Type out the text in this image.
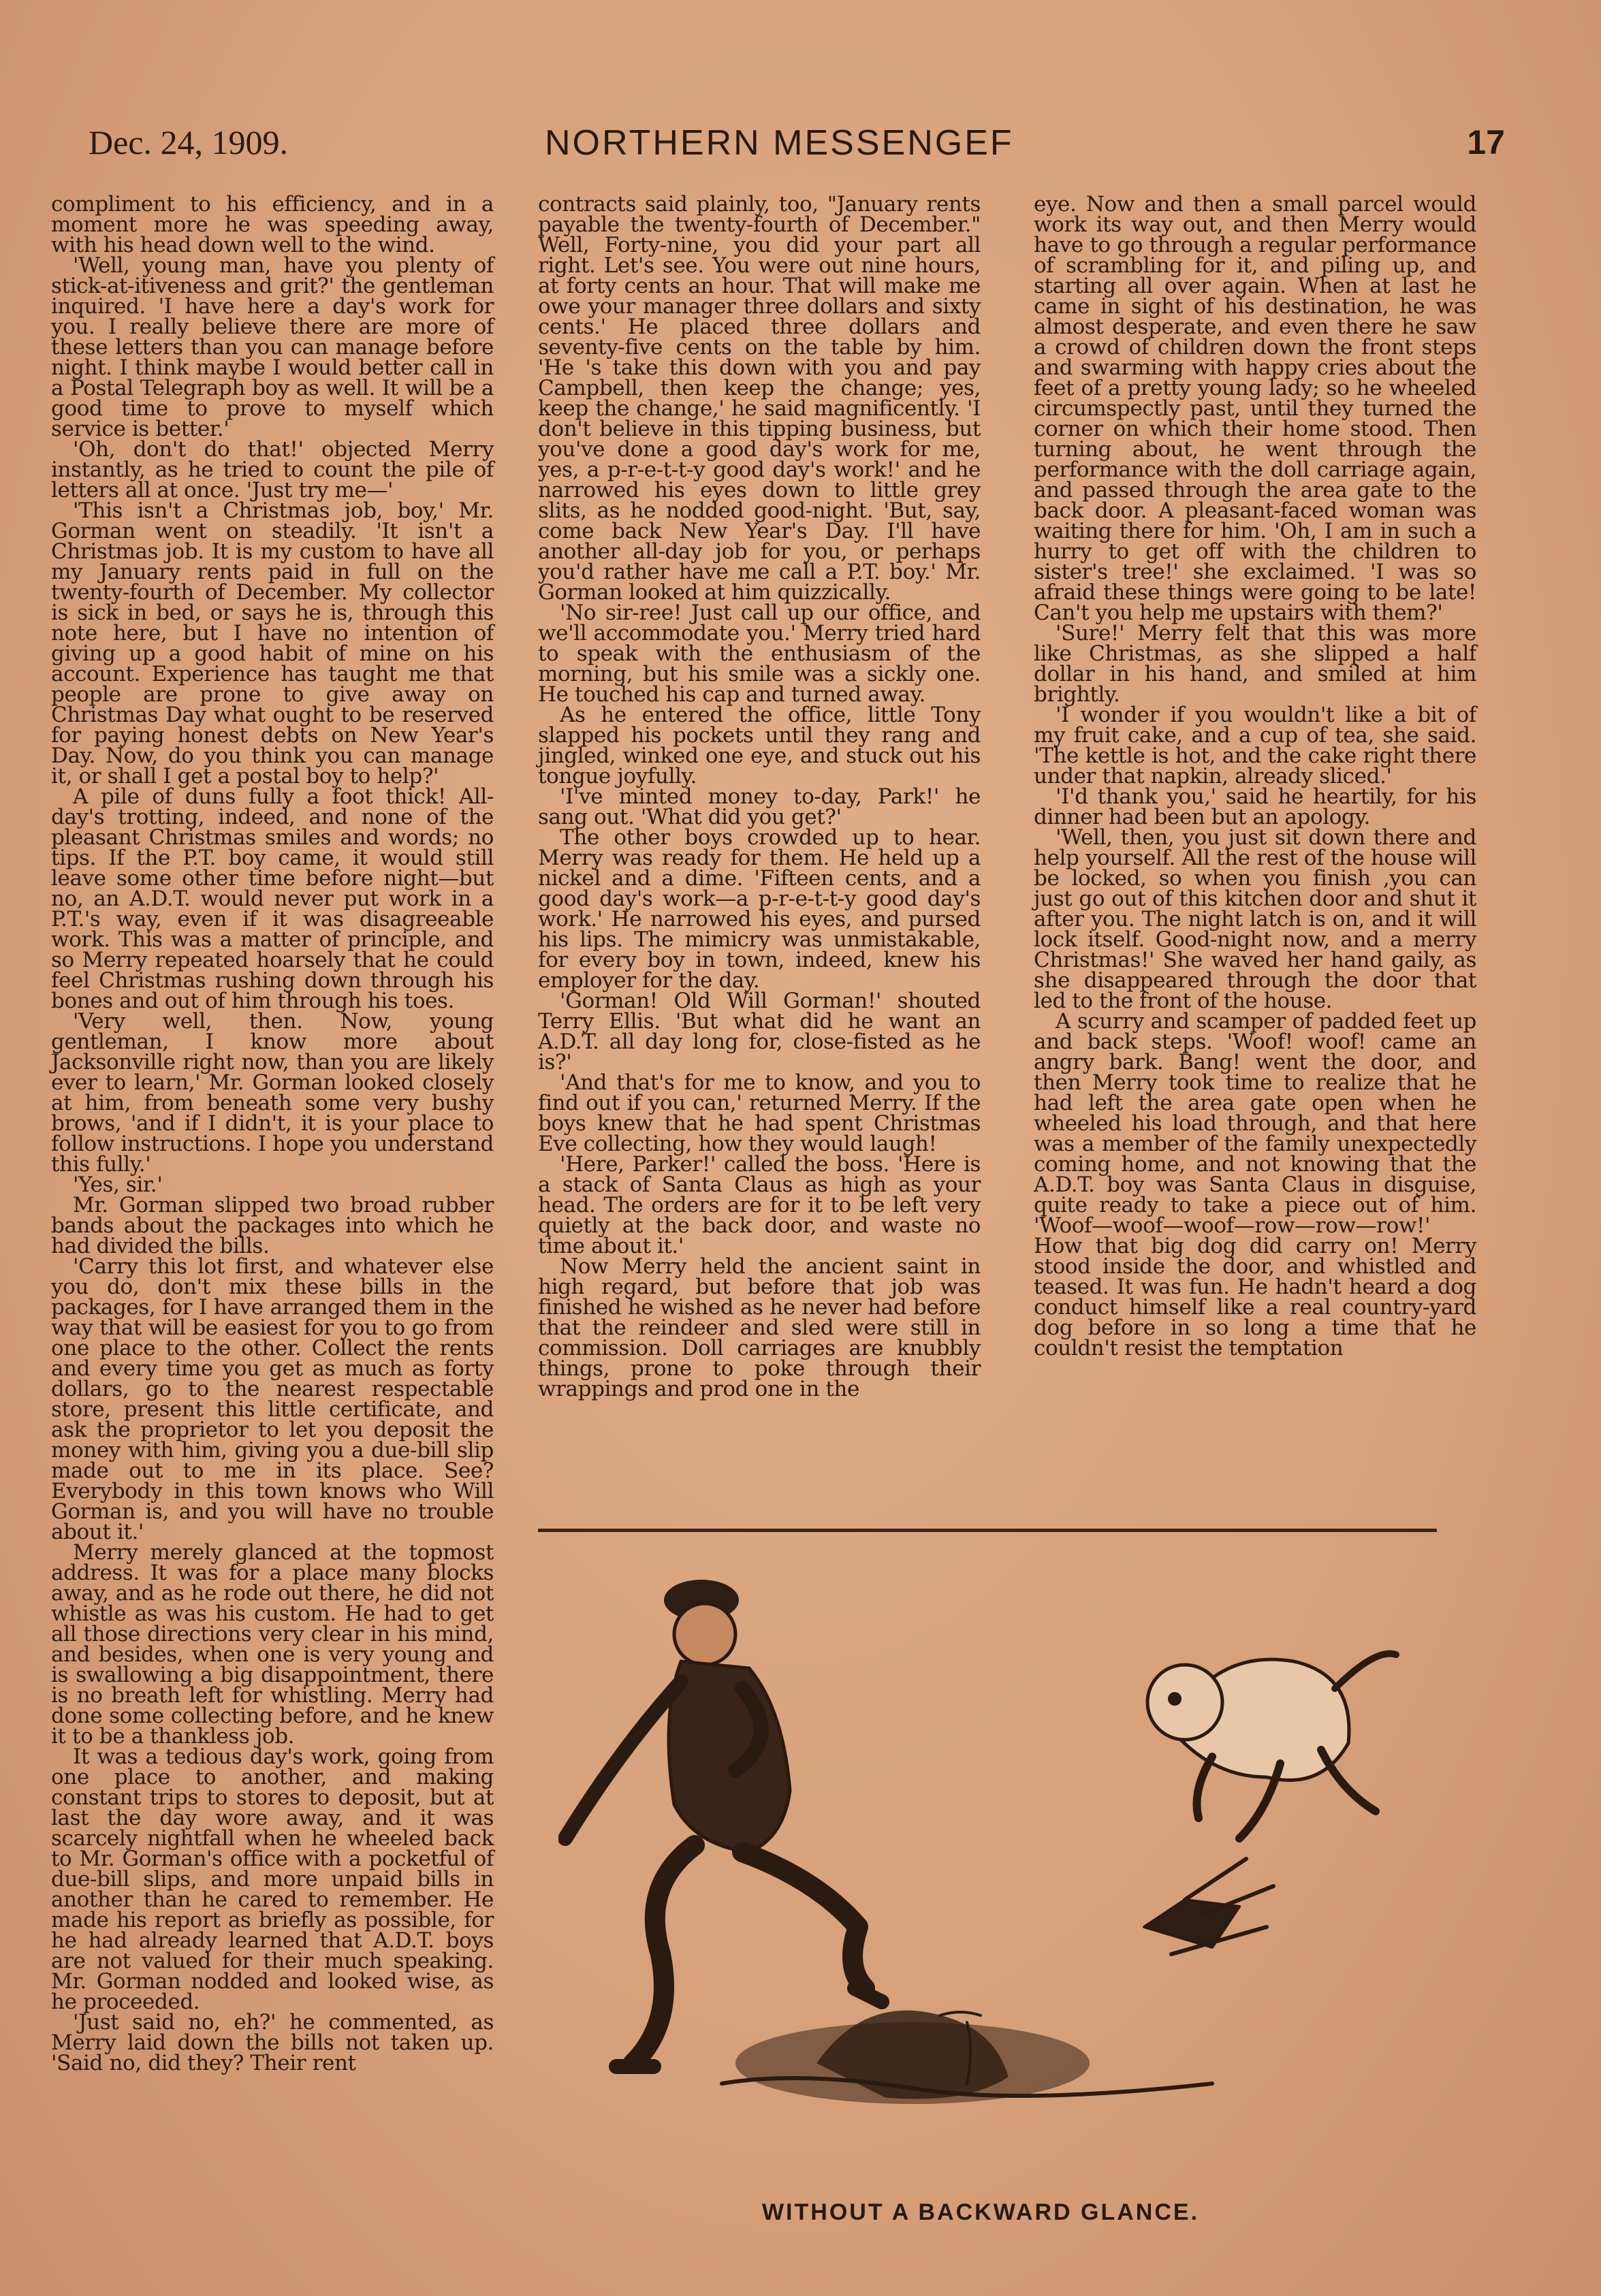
Dec. 24, 1909.	NORTHERN MESSENGEF	17

compliment to his efficiency, and in a moment more he was speeding away, with his head down well to the wind.

'Well, young man, have you plenty of stick-at-itiveness and grit?' the gentleman inquired. 'I have here a day's work for you. I really believe there are more of these letters than you can manage before night. I think maybe I would better call in a Postal Telegraph boy as well. It will be a good time to prove to myself which service is better.'

'Oh, don't do that!' objected Merry instantly, as he tried to count the pile of letters all at once. 'Just try me—'

'This isn't a Christmas job, boy,' Mr. Gorman went on steadily. 'It isn't a Christmas job. It is my custom to have all my January rents paid in full on the twenty-fourth of December. My collector is sick in bed, or says he is, through this note here, but I have no intention of giving up a good habit of mine on his account. Experience has taught me that people are prone to give away on Christmas Day what ought to be reserved for paying honest debts on New Year's Day. Now, do you think you can manage it, or shall I get a postal boy to help?'

A pile of duns fully a foot thick! All-day's trotting, indeed, and none of the pleasant Christmas smiles and words; no tips. If the P.T. boy came, it would still leave some other time before night—but no, an A.D.T. would never put work in a P.T.'s way, even if it was disagreeable work. This was a matter of principle, and so Merry repeated hoarsely that he could feel Christmas rushing down through his bones and out of him through his toes.

'Very well, then. Now, young gentleman, I know more about Jacksonville right now, than you are likely ever to learn,' Mr. Gorman looked closely at him, from beneath some very bushy brows, 'and if I didn't, it is your place to follow instructions. I hope you understand this fully.'

'Yes, sir.'

Mr. Gorman slipped two broad rubber bands about the packages into which he had divided the bills.

'Carry this lot first, and whatever else you do, don't mix these bills in the packages, for I have arranged them in the way that will be easiest for you to go from one place to the other. Collect the rents and every time you get as much as forty dollars, go to the nearest respectable store, present this little certificate, and ask the proprietor to let you deposit the money with him, giving you a due-bill slip made out to me in its place. See? Everybody in this town knows who Will Gorman is, and you will have no trouble about it.'

Merry merely glanced at the topmost address. It was for a place many blocks away, and as he rode out there, he did not whistle as was his custom. He had to get all those directions very clear in his mind, and besides, when one is very young and is swallowing a big disappointment, there is no breath left for whistling. Merry had done some collecting before, and he knew it to be a thankless job.

It was a tedious day's work, going from one place to another, and making constant trips to stores to deposit, but at last the day wore away, and it was scarcely nightfall when he wheeled back to Mr. Gorman's office with a pocketful of due-bill slips, and more unpaid bills in another than he cared to remember. He made his report as briefly as possible, for he had already learned that A.D.T. boys are not valued for their much speaking. Mr. Gorman nodded and looked wise, as he proceeded.

'Just said no, eh?' he commented, as Merry laid down the bills not taken up. 'Said no, did they? Their rent

contracts said plainly, too, "January rents payable the twenty-fourth of December." Well, Forty-nine, you did your part all right. Let's see. You were out nine hours, at forty cents an hour. That will make me owe your manager three dollars and sixty cents.' He placed three dollars and seventy-five cents on the table by him. 'He 's take this down with you and pay Campbell, then keep the change; yes, keep the change,' he said magnificently. 'I don't believe in this tipping business, but you've done a good day's work for me, yes, a p-r-e-t-t-y good day's work!' and he narrowed his eyes down to little grey slits, as he nodded good-night. 'But, say, come back New Year's Day. I'll have another all-day job for you, or perhaps you'd rather have me call a P.T. boy.' Mr. Gorman looked at him quizzically.

'No sir-ree! Just call up our office, and we'll accommodate you.' Merry tried hard to speak with the enthusiasm of the morning, but his smile was a sickly one. He touched his cap and turned away.

As he entered the office, little Tony slapped his pockets until they rang and jingled, winked one eye, and stuck out his tongue joyfully.

'I've minted money to-day, Park!' he sang out. 'What did you get?'

The other boys crowded up to hear. Merry was ready for them. He held up a nickel and a dime. 'Fifteen cents, and a good day's work—a p-r-e-t-t-y good day's work.' He narrowed his eyes, and pursed his lips. The mimicry was unmistakable, for every boy in town, indeed, knew his employer for the day.

'Gorman! Old Will Gorman!' shouted Terry Ellis. 'But what did he want an A.D.T. all day long for, close-fisted as he is?'

'And that's for me to know, and you to find out if you can,' returned Merry. If the boys knew that he had spent Christmas Eve collecting, how they would laugh!

'Here, Parker!' called the boss. 'Here is a stack of Santa Claus as high as your head. The orders are for it to be left very quietly at the back door, and waste no time about it.'

Now Merry held the ancient saint in high regard, but before that job was finished he wished as he never had before that the reindeer and sled were still in commission. Doll carriages are knubbly things, prone to poke through their wrappings and prod one in the

eye. Now and then a small parcel would work its way out, and then Merry would have to go through a regular performance of scrambling for it, and piling up, and starting all over again. When at last he came in sight of his destination, he was almost desperate, and even there he saw a crowd of children down the front steps and swarming with happy cries about the feet of a pretty young lady; so he wheeled circumspectly past, until they turned the corner on which their home stood. Then turning about, he went through the performance with the doll carriage again, and passed through the area gate to the back door. A pleasant-faced woman was waiting there for him. 'Oh, I am in such a hurry to get off with the children to sister's tree!' she exclaimed. 'I was so afraid these things were going to be late! Can't you help me upstairs with them?'

'Sure!' Merry felt that this was more like Christmas, as she slipped a half dollar in his hand, and smiled at him brightly.

'I wonder if you wouldn't like a bit of my fruit cake, and a cup of tea, she said. 'The kettle is hot, and the cake right there under that napkin, already sliced.'

'I'd thank you,' said he heartily, for his dinner had been but an apology.

'Well, then, you just sit down there and help yourself. All the rest of the house will be locked, so when you finish ,you can just go out of this kitchen door and shut it after you. The night latch is on, and it will lock itself. Good-night now, and a merry Christmas!' She waved her hand gaily, as she disappeared through the door that led to the front of the house.

A scurry and scamper of padded feet up and back steps. 'Woof! woof! came an angry bark. Bang! went the door, and then Merry took time to realize that he had left the area gate open when he wheeled his load through, and that here was a member of the family unexpectedly coming home, and not knowing that the A.D.T. boy was Santa Claus in disguise, quite ready to take a piece out of him. 'Woof—woof—woof—row—row—row!' How that big dog did carry on! Merry stood inside the door, and whistled and teased. It was fun. He hadn't heard a dog conduct himself like a real country-yard dog before in so long a time that he couldn't resist the temptation

WITHOUT A BACKWARD GLANCE.
